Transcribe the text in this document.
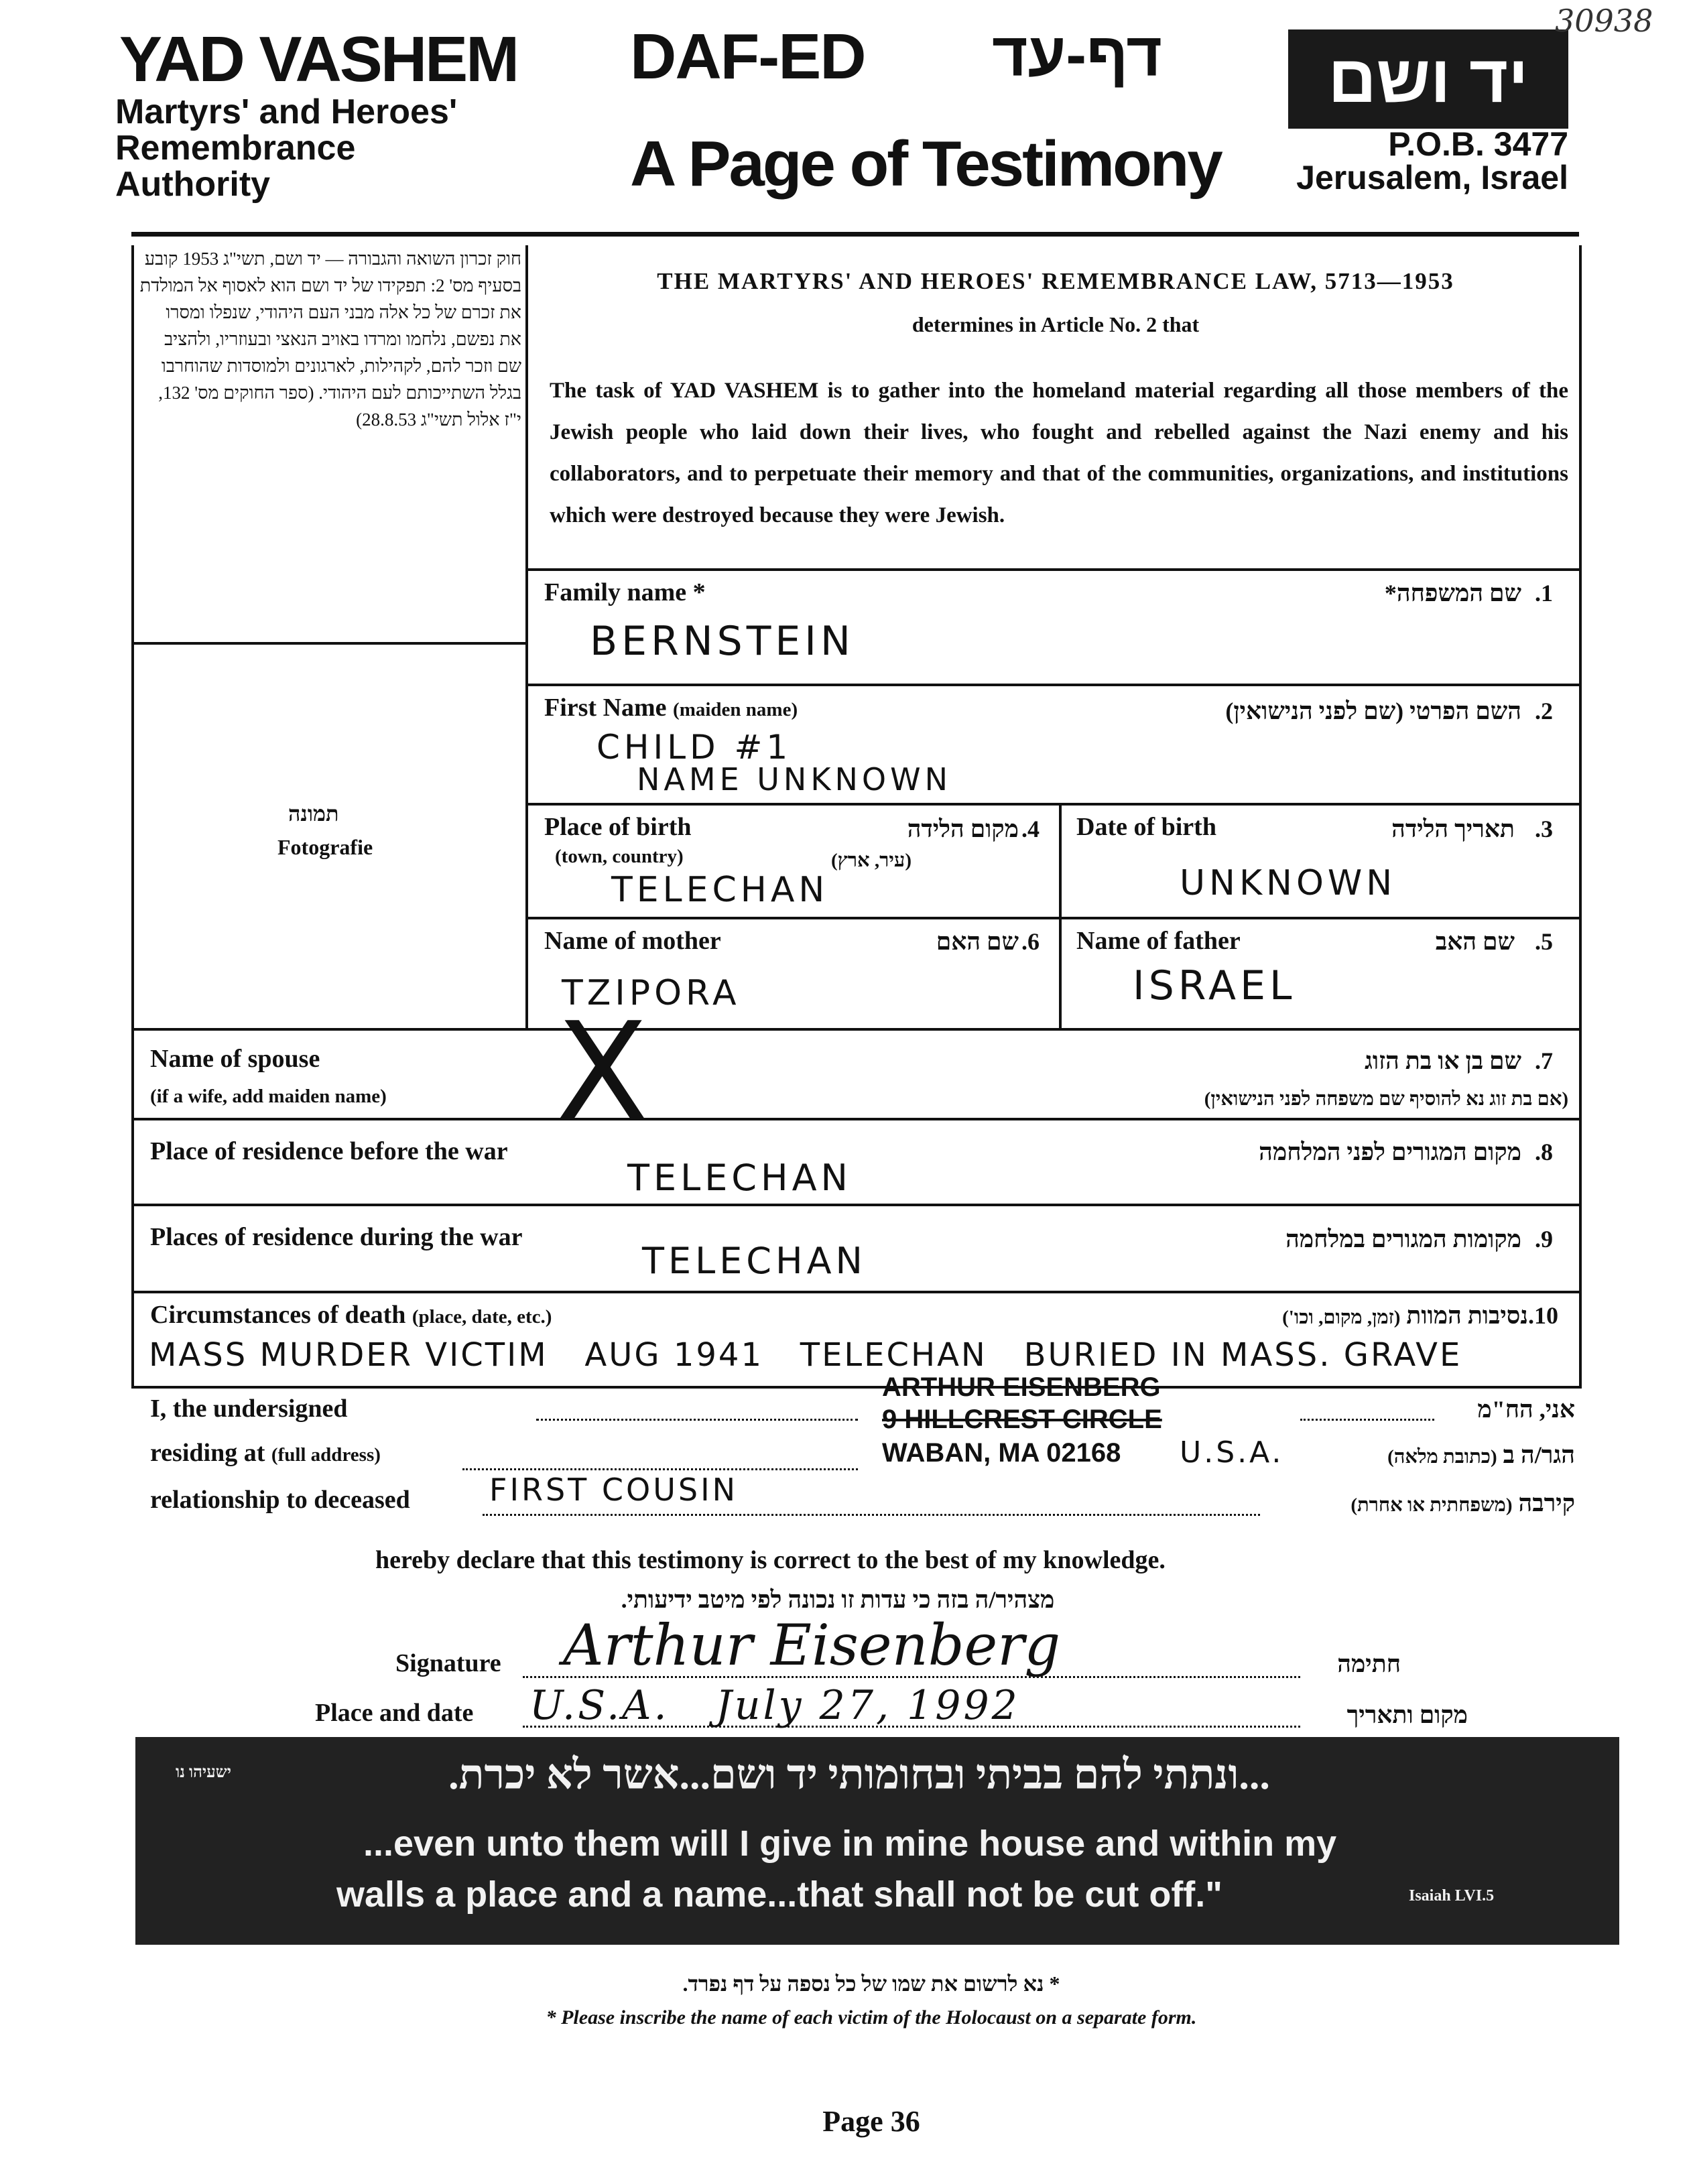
YAD VASHEM
Martyrs' and Heroes'
Remembrance
Authority
DAF-ED דף-עד
A Page of Testimony
יד ושם
P.O.B. 3477
Jerusalem, Israel
30938
חוק זכרון השואה והגבורה — יד ושם, תשי"ג 1953 קובע בסעיף מס' 2: תפקידו של יד ושם הוא לאסוף אל המולדת את זכרם של כל אלה מבני העם היהודי, שנפלו ומסרו את נפשם, נלחמו ומרדו באויב הנאצי ובעוזריו, ולהציב שם וזכר להם, לקהילות, לארגונים ולמוסדות שהוחרבו בגלל השתייכותם לעם היהודי. (ספר החוקים מס' 132, י"ז אלול תשי"ג 28.8.53)
THE MARTYRS' AND HEROES' REMEMBRANCE LAW, 5713—1953
determines in Article No. 2 that
The task of YAD VASHEM is to gather into the homeland material regarding all those members of the Jewish people who laid down their lives, who fought and rebelled against the Nazi enemy and his collaborators, and to perpetuate their memory and that of the communities, organizations, and institutions which were destroyed because they were Jewish.
תמונה
Fotografie
Family name *	שם המשפחה* .1
BERNSTEIN
First Name (maiden name)	השם הפרטי (שם לפני הנישואין) .2
CHILD #1
NAME UNKNOWN
Place of birth
(town, country)
מקום הלידה
(עיר, ארץ)
.4
TELECHAN
Date of birth	תאריך הלידה .3
UNKNOWN
Name of mother	שם האם .6
TZIPORA
Name of father	שם האב .5
ISRAEL
Name of spouse
(if a wife, add maiden name)
שם בן או בת הזוג
(אם בת זוג נא להוסיף שם משפחה לפני הנישואין)
.7
X
Place of residence before the war	מקום המגורים לפני המלחמה .8
TELECHAN
Places of residence during the war	מקומות המגורים במלחמה .9
TELECHAN
Circumstances of death (place, date, etc.)	נסיבות המוות (זמן, מקום, וכו')	.10
MASS MURDER VICTIM   AUG 1941   TELECHAN   BURIED IN MASS. GRAVE
I, the undersigned
ARTHUR EISENBERG
אני, הח"מ
residing at (full address)
9 HILLCREST CIRCLE
WABAN, MA 02168 U.S.A.	הגר/ה ב (כתובת מלאה)
relationship to deceased	FIRST COUSIN	קירבה (משפחתית או אחרת)
hereby declare that this testimony is correct to the best of my knowledge.
מצהיר/ה בזה כי עדות זו נכונה לפי מיטב ידיעותי.
Signature Arthur Eisenberg	חתימה
Place and date U.S.A.   July 27, 1992	מקום ותאריך
...ונתתי להם בביתי ובחומותי יד ושם...אשר לא יכרת.
ישעיהו נו
...even unto them will I give in mine house and within my
walls a place and a name...that shall not be cut off."	Isaiah LVI.5
* נא לרשום את שמו של כל נספה על דף נפרד.
* Please inscribe the name of each victim of the Holocaust on a separate form.
Page 36
